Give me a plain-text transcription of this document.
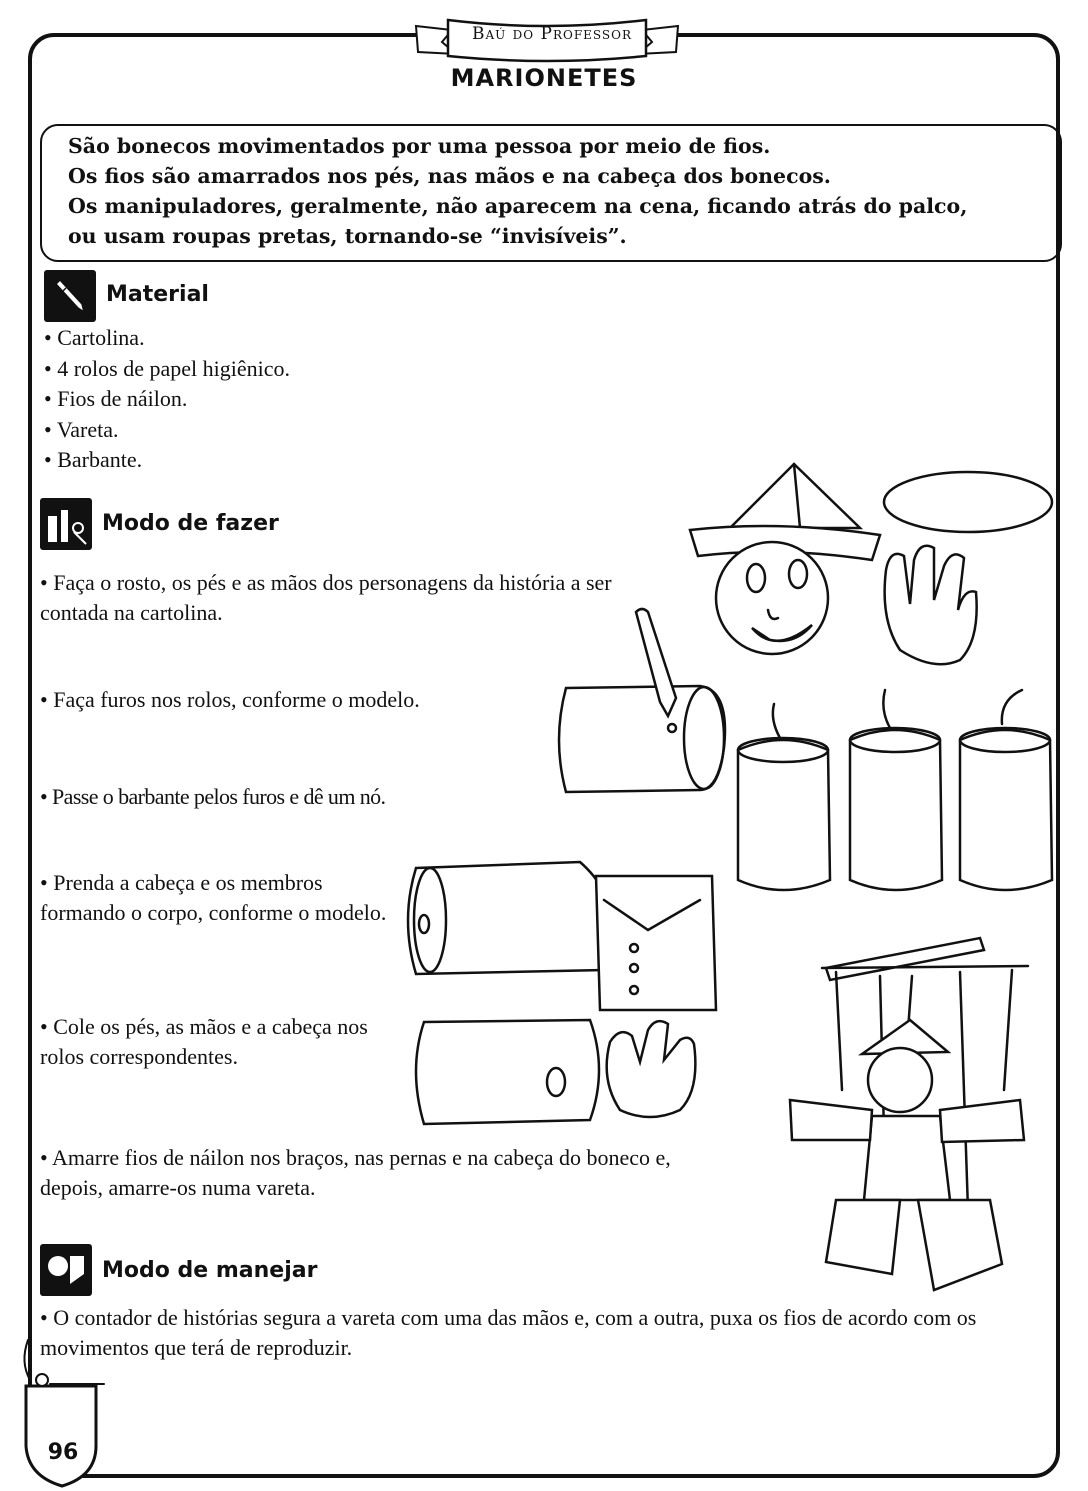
Baú do Professor
MARIONETES

São bonecos movimentados por uma pessoa por meio de fios.

Os fios são amarrados nos pés, nas mãos e na cabeça dos bonecos.

Os manipuladores, geralmente, não aparecem na cena, ficando atrás do palco,

ou usam roupas pretas, tornando-se “invisíveis”.

Material
• Cartolina.
• 4 rolos de papel higiênico.
• Fios de náilon.
• Vareta.
• Barbante.
Modo de fazer
• Faça o rosto, os pés e as mãos dos personagens da história a ser contada na cartolina.
• Faça furos nos rolos, conforme o modelo.
• Passe o barbante pelos furos e dê um nó.
• Prenda a cabeça e os membros formando o corpo, conforme o modelo.
• Cole os pés, as mãos e a cabeça nos rolos correspondentes.
• Amarre fios de náilon nos braços, nas pernas e na cabeça do boneco e, depois, amarre-os numa vareta.
Modo de manejar
• O contador de histórias segura a vareta com uma das mãos e, com a outra, puxa os fios de acordo com os movimentos que terá de reproduzir.
96
